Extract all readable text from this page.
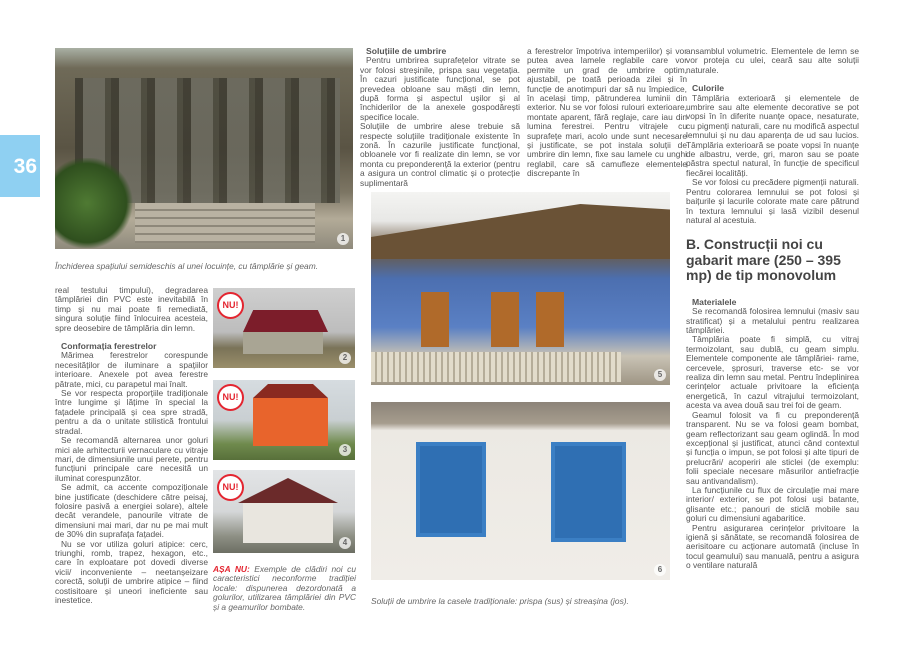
36
1
Închiderea spațiului semideschis al unei locuințe, cu tâmplărie și geam.

real testului timpului), degradarea tâmplăriei din PVC este inevitabilă în timp și nu mai poate fi remediată, singura soluție fiind înlocuirea acesteia, spre deosebire de tâmplăria din lemn.

Conformația ferestrelor

Mărimea ferestrelor corespunde necesităților de iluminare a spațiilor interioare. Anexele pot avea ferestre pătrate, mici, cu parapetul mai înalt.

Se vor respecta proporțiile tradiționale între lungime și lățime în special la fațadele principală și cea spre stradă, pentru a da o unitate stilistică frontului stradal.

Se recomandă alternarea unor goluri mici ale arhitecturii vernaculare cu vitraje mari, de dimensiunile unui perete, pentru funcțiuni principale care necesită un iluminat corespunzător.

Se admit, ca accente compoziționale bine justificate (deschidere către peisaj, folosire pasivă a energiei solare), altele decât verandele, panourile vitrate de dimensiuni mai mari, dar nu pe mai mult de 30% din suprafața fațadei.

Nu se vor utiliza goluri atipice: cerc, triunghi, romb, trapez, hexagon, etc., care în exploatare pot dovedi diverse vicii/ inconveniente – neetanșeizare corectă, soluții de umbrire atipice – fiind costisitoare și uneori ineficiente sau inestetice.

NU!
2
NU!
3
NU!
4
AȘA NU: Exemple de clădiri noi cu caracteristici neconforme tradiției locale: dispunerea dezordonată a golurilor, utilizarea tâmplăriei din PVC și a geamurilor bombate.
Soluțiile de umbrire

Pentru umbrirea suprafețelor vitrate se vor folosi streșinile, prispa sau vegetația. În cazuri justificate funcțional, se pot prevedea obloane sau măști din lemn, după forma și aspectul ușilor și al închiderilor de la anexele gospodărești specifice locale.

Soluțiile de umbrire alese trebuie să respecte soluțiile tradiționale existente în zonă. În cazurile justificate funcțional, obloanele vor fi realizate din lemn, se vor monta cu preponderență la exterior (pentru a asigura un control climatic și o protecție suplimentară

a ferestrelor împotriva intemperiilor) și vor putea avea lamele reglabile care vor permite un grad de umbrire optim, ajustabil, pe toată perioada zilei și în funcție de anotimpuri dar să nu împiedice, în același timp, pătrunderea luminii din exterior. Nu se vor folosi rulouri exterioare, montate aparent, fără reglaje, care iau din lumina ferestrei. Pentru vitrajele cu suprafețe mari, acolo unde sunt necesare și justificate, se pot instala soluții de umbrire din lemn, fixe sau lamele cu unghi reglabil, care să camufleze elementele discrepante în

5
6
Soluții de umbrire la casele tradiționale: prispa (sus) și streașina (jos).

ansamblul volumetric. Elementele de lemn se vor proteja cu ulei, ceară sau alte soluții naturale.

Culorile

Tâmplăria exterioară și elementele de umbrire sau alte elemente decorative se pot vopsi în în diferite nuanțe opace, nesaturate, cu pigmenți naturali, care nu modifică aspectul lemnului și nu dau aparența de ud sau lucios. Tâmplăria exterioară se poate vopsi în nuanțe de albastru, verde, gri, maron sau se poate păstra spectul natural, în funcție de specificul fiecărei localități.

Se vor folosi cu precădere pigmenții naturali. Pentru colorarea lemnului se pot folosi și baițurile și lacurile colorate mate care pătrund în textura lemnului și lasă vizibil desenul natural al acestuia.

B. Construcții noi cu gabarit mare (250 – 395 mp) de tip monovolum
Materialele

Se recomandă folosirea lemnului (masiv sau stratificat) și a metalului pentru realizarea tâmplăriei.

Tâmplăria poate fi simplă, cu vitraj termoizolant, sau dublă, cu geam simplu. Elementele componente ale tâmplăriei- rame, cercevele, șprosuri, traverse etc- se vor realiza din lemn sau metal. Pentru îndeplinirea cerințelor actuale privitoare la eficiența energetică, în cazul vitrajului termoizolant, acesta va avea două sau trei foi de geam.

Geamul folosit va fi cu preponderență transparent. Nu se va folosi geam bombat, geam reflectorizant sau geam oglindă. În mod excepțional și justificat, atunci când contextul și funcția o impun, se pot folosi și alte tipuri de prelucrări/ acoperiri ale sticlei (de exemplu: folii speciale necesare măsurilor antiefracție sau antivandalism).

La funcțiunile cu flux de circulație mai mare interior/ exterior, se pot folosi uși batante, glisante etc.; panouri de sticlă mobile sau goluri cu dimensiuni agabaritice.

Pentru asigurarea cerințelor privitoare la igienă și sănătate, se recomandă folosirea de aerisitoare cu acționare automată (incluse în tocul geamului) sau manuală, pentru a asigura o ventilare naturală
